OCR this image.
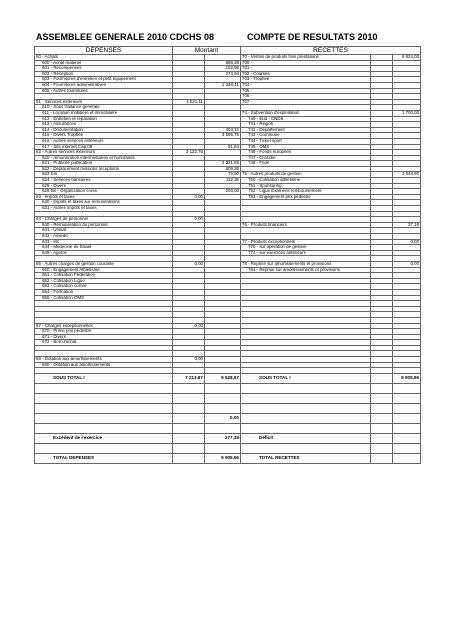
ASSEMBLEE GENERALE 2010 CDCHS 08	COMPTE DE RESULTATS 2010
DEPENSES	Montant		RECETTES		
60 - Achats			70 - Ventes de produits finis prestations		6 624,00
600 - Achat materiel		888,39	700 -		
601 - Récompenses		102,96	701 -		
602 - Réception		274,94	702 - Courses		
603 - Fournitures d'entretien et petit équipement			703 - Trophée		
604 - Fournitures administratives		1 348,41	704 -		
605 - Autres fournitures			705 -		
			706 -		
61 - Services extérieurs	4 021,11		707 -		
610 - Sous traitance générale					
611 - Location mobilière et immobilière			74 - Subvention d'exploitation		1 700,00
612 - Entretien et réparation			740 - Etat - CNDS		
613 - Assurances			741 - Région		
614 - Documentation		403,72	742 - Département		
615 - Divers Trophée		3 595,75	743 - Commune		
616 - Autres services extérieurs			744 - Ticket sport		
617 - Site internet Cap 08		91,64	745 - OMS		
62 - Autres services extérieurs	3 122,76		746 - Fonds européen		
620 - rémunération intermédiaires et honoraires			747 - Crossee		
621 - Publicité publication		2 321,55	748 - Fnds		
622 - Déplacement missions réceptions		409,35			
623 Sm		79,50	75 - Autres produits de gestion		1 544,90
624 - Services bancaires		112,36	750 - Cotisation athlétisme		
625 - Divers			751 - Sponsoring		
625 bis - Organization cross		200,00	752 - Ligue Examens remboursement		
63 - Impôts et taxes	0,00		753 - Engagement prix pédestre		
630 - Impôts et taxes sur rémunérations					
631 - Autres impôts et taxes					

64 - Charges de personnel	0,00				
640 - Rémunération du personnel			76 - Produits financiers		37,16
641 - Urssaf					
642 - Assedic					
643 - Irlc			77 - Produits exceptionnels		0,00
644 - Médecine du travail			770 - sur opération de gestion		
645 - Agefos			771 - sur exercices antérieurs		

65 - Autres charges de gestion courante	0,00		78 - Reprise sur amortissements et provisions		0,00
650 - Engagement Athlétisme			781 - Reprise sur amortissements et provisions		
651 - Cotisation Fédération					
652 - Cotisation Ligue					
653 - Cotisation comité					
654 - Formation					
655 - Cotisation OMS					

67 - Charges exceptionnelles	0,00				
670 - Prime prix pédestre					
671 - Divers					
672 - Bon d'achat					

68 - Dotation aux amortissements	0,00				
680 - Dotation aux amortissements					

SOUS TOTAL I	7 213,87	9 628,57	SOUS TOTAL I		9 905,96

		0,00			

Excédent de l'exercice		277,39	Déficit		

TOTAL DEPENSES		9 905,96	TOTAL RECETTES		
